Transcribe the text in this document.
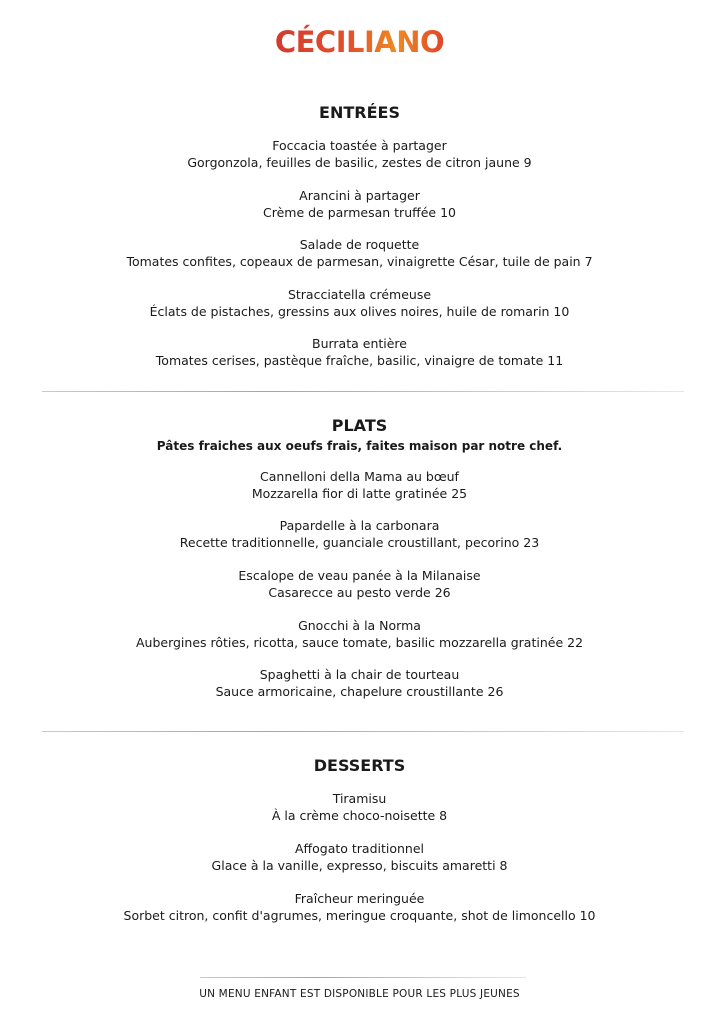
CÉCILIANO
ENTRÉES
Foccacia toastée à partager
Gorgonzola, feuilles de basilic, zestes de citron jaune 9
Arancini à partager
Crème de parmesan truffée 10
Salade de roquette
Tomates confites, copeaux de parmesan, vinaigrette César, tuile de pain 7
Stracciatella crémeuse
Éclats de pistaches, gressins aux olives noires, huile de romarin 10
Burrata entière
Tomates cerises, pastèque fraîche, basilic, vinaigre de tomate 11
PLATS
Pâtes fraiches aux oeufs frais, faites maison par notre chef.
Cannelloni della Mama au bœuf
Mozzarella fior di latte gratinée 25
Papardelle à la carbonara
Recette traditionnelle, guanciale croustillant, pecorino 23
Escalope de veau panée à la Milanaise
Casarecce au pesto verde 26
Gnocchi à la Norma
Aubergines rôties, ricotta, sauce tomate, basilic mozzarella gratinée 22
Spaghetti à la chair de tourteau
Sauce armoricaine, chapelure croustillante 26
DESSERTS
Tiramisu
À la crème choco-noisette 8
Affogato traditionnel
Glace à la vanille, expresso, biscuits amaretti 8
Fraîcheur meringuée
Sorbet citron, confit d'agrumes, meringue croquante, shot de limoncello 10
UN MENU ENFANT EST DISPONIBLE POUR LES PLUS JEUNES
